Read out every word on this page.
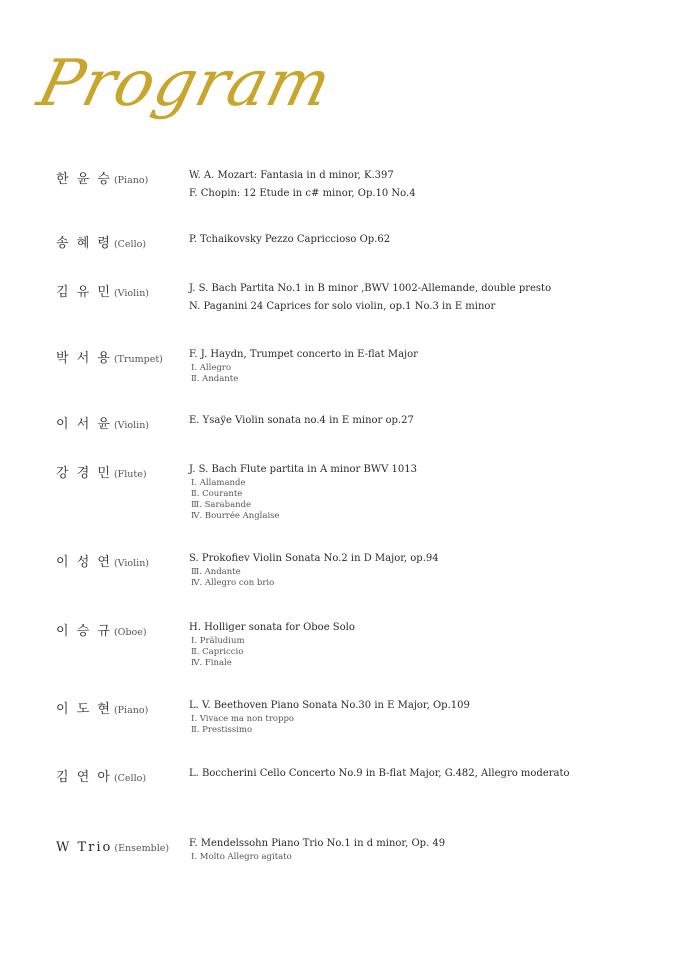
Program
한 윤 승 (Piano)	W. A. Mozart: Fantasia in d minor, K.397
F. Chopin: 12 Etude in c# minor, Op.10 No.4
송 혜 령 (Cello)	P. Tchaikovsky Pezzo Capriccioso Op.62
김 유 민 (Violin)	J. S. Bach Partita No.1 in B minor ,BWV 1002-Allemande, double presto
N. Paganini 24 Caprices for solo violin, op.1 No.3 in E minor
박 서 용 (Trumpet)	F. J. Haydn, Trumpet concerto in E-flat Major
Ⅰ. Allegro
Ⅱ. Andante
이 서 윤 (Violin)	E. Ysaÿe Violin sonata no.4 in E minor op.27
강 경 민 (Flute)	J. S. Bach Flute partita in A minor BWV 1013
Ⅰ. Allamande
Ⅱ. Courante
Ⅲ. Sarabande
Ⅳ. Bourrée Anglaise
이 성 연 (Violin)	S. Prokofiev Violin Sonata No.2 in D Major, op.94
Ⅲ. Andante
Ⅳ. Allegro con brio
이 승 규 (Oboe)	H. Holliger sonata for Oboe Solo
Ⅰ. Präludium
Ⅱ. Capriccio
Ⅳ. Finale
이 도 현 (Piano)	L. V. Beethoven Piano Sonata No.30 in E Major, Op.109
Ⅰ. Vivace ma non troppo
Ⅱ. Prestissimo
김 연 아 (Cello)	L. Boccherini Cello Concerto No.9 in B-flat Major, G.482, Allegro moderato
W Trio (Ensemble) F. Mendelssohn Piano Trio No.1 in d minor, Op. 49
Ⅰ. Molto Allegro agitato
